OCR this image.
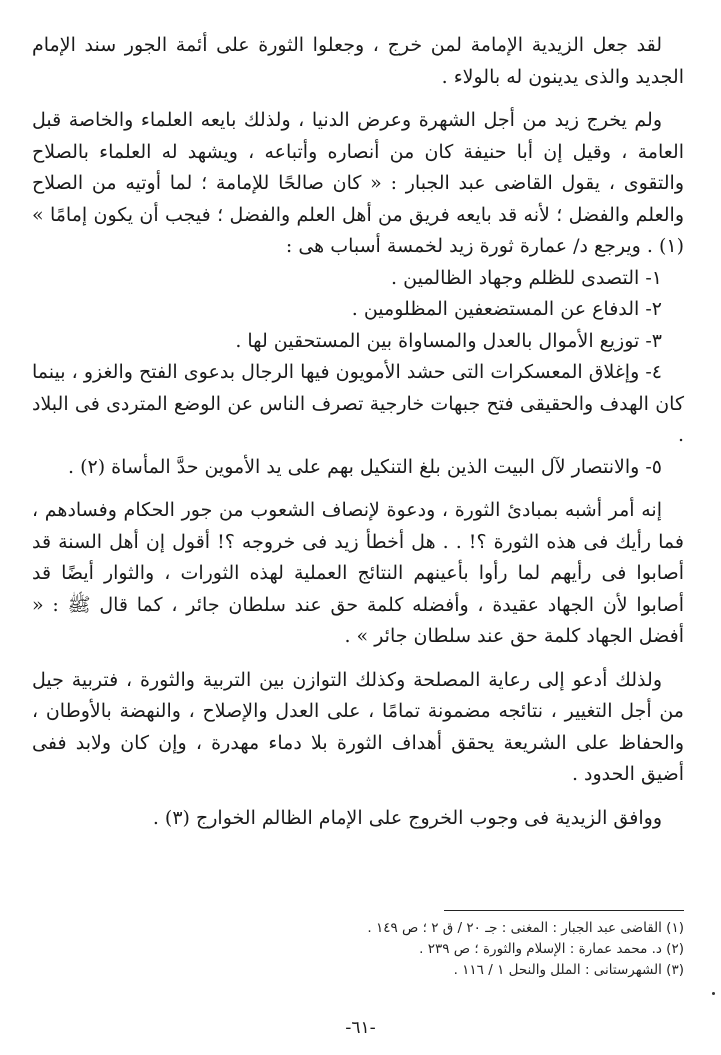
لقد جعل الزيدية الإمامة لمن خرج ، وجعلوا الثورة على أئمة الجور سند الإمام الجديد والذى يدينون له بالولاء .

ولم يخرج زيد من أجل الشهرة وعرض الدنيا ، ولذلك بايعه العلماء والخاصة قبل العامة ، وقيل إن أبا حنيفة كان من أنصاره وأتباعه ، ويشهد له العلماء بالصلاح والتقوى ، يقول القاضى عبد الجبار : « كان صالحًا للإمامة ؛ لما أوتيه من الصلاح والعلم والفضل ؛ لأنه قد بايعه فريق من أهل العلم والفضل ؛ فيجب أن يكون إمامًا » (١) . ويرجع د/ عمارة ثورة زيد لخمسة أسباب هى :

١- التصدى للظلم وجهاد الظالمين .

٢- الدفاع عن المستضعفين المظلومين .

٣- توزيع الأموال بالعدل والمساواة بين المستحقين لها .

٤- وإغلاق المعسكرات التى حشد الأمويون فيها الرجال بدعوى الفتح والغزو ، بينما كان الهدف والحقيقى فتح جبهات خارجية تصرف الناس عن الوضع المتردى فى البلاد .

٥- والانتصار لآل البيت الذين بلغ التنكيل بهم على يد الأموين حدَّ المأساة (٢) .

إنه أمر أشبه بمبادئ الثورة ، ودعوة لإنصاف الشعوب من جور الحكام وفسادهم ، فما رأيك فى هذه الثورة ؟! . . هل أخطأ زيد فى خروجه ؟! أقول إن أهل السنة قد أصابوا فى رأيهم لما رأوا بأعينهم النتائج العملية لهذه الثورات ، والثوار أيضًا قد أصابوا لأن الجهاد عقيدة ، وأفضله كلمة حق عند سلطان جائر ، كما قال ﷺ : « أفضل الجهاد كلمة حق عند سلطان جائر » .

ولذلك أدعو إلى رعاية المصلحة وكذلك التوازن بين التربية والثورة ، فتربية جيل من أجل التغيير ، نتائجه مضمونة تمامًا ، على العدل والإصلاح ، والنهضة بالأوطان ، والحفاظ على الشريعة يحقق أهداف الثورة بلا دماء مهدرة ، وإن كان ولابد ففى أضيق الحدود .

ووافق الزيدية فى وجوب الخروج على الإمام الظالم الخوارج (٣) .

(١) القاضى عبد الجبار : المغنى : جـ ٢٠ / ق ٢ ؛ ص ١٤٩ .
(٢) د. محمد عمارة : الإسلام والثورة ؛ ص ٢٣٩ .
(٣) الشهرستانى : الملل والنحل ١ / ١١٦ .
-٦١-
